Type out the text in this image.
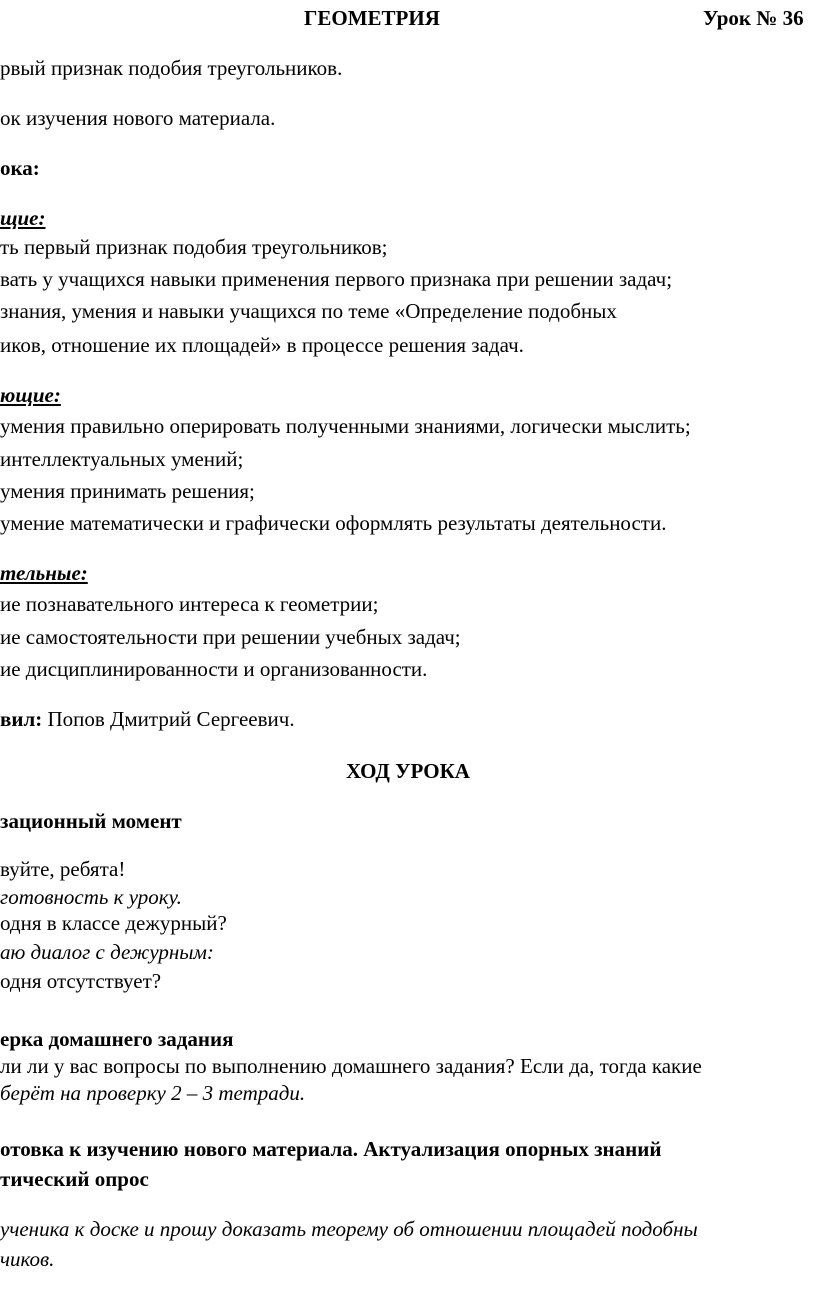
ГЕОМЕТРИЯ	Урок № 36
рвый признак подобия треугольников.
ок изучения нового материала.
ока:
щие:
ть первый признак подобия треугольников;
вать у учащихся навыки применения первого признака при решении задач;
знания, умения и навыки учащихся по теме «Определение подобных
иков, отношение их площадей» в процессе решения задач.
ющие:
умения правильно оперировать полученными знаниями, логически мыслить;
интеллектуальных умений;
умения принимать решения;
умение математически и графически оформлять результаты деятельности.
тельные:
ие познавательного интереса к геометрии;
ие самостоятельности при решении учебных задач;
ие дисциплинированности и организованности.
вил: Попов Дмитрий Сергеевич.
ХОД УРОКА
зационный момент
вуйте, ребята!
готовность к уроку.
одня в классе дежурный?
аю диалог с дежурным:
одня отсутствует?
ерка домашнего задания
ли ли у вас вопросы по выполнению домашнего задания? Если да, тогда какие
берёт на проверку 2 – 3 тетради.
отовка к изучению нового материала. Актуализация опорных знаний
тический опрос
ученика к доске и прошу доказать теорему об отношении площадей подобны
чиков.
